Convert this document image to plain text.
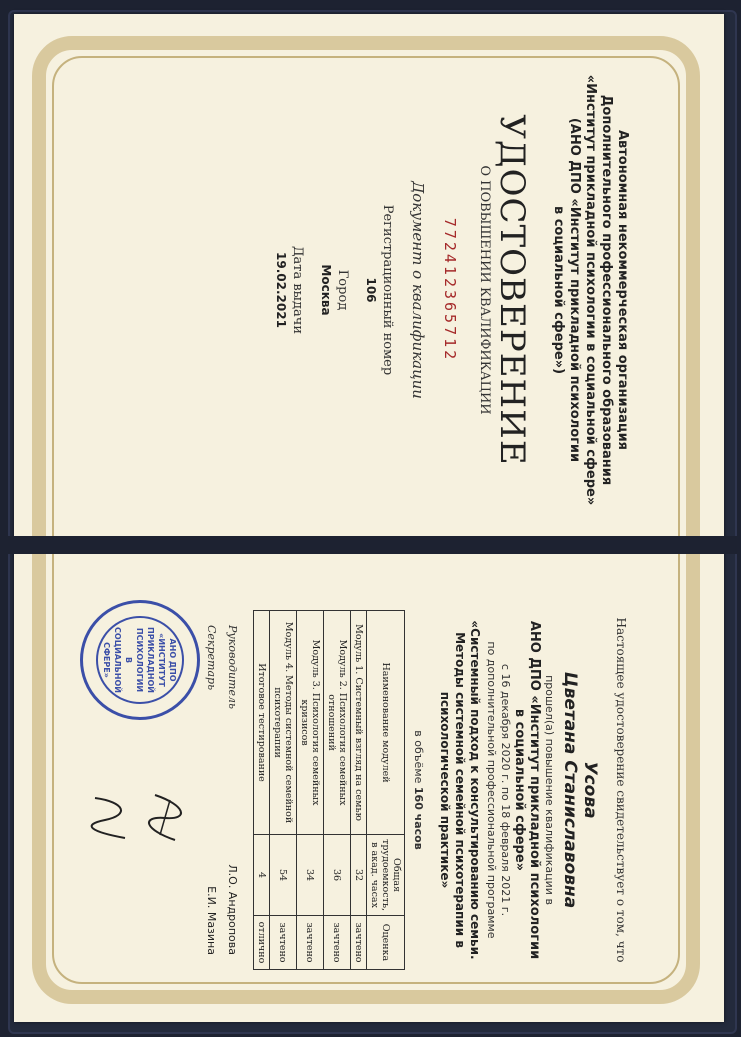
Автономная некоммерческая организация
Дополнительного профессионального образования
«Институт прикладной психологии в социальной сфере»
(АНО ДПО «Институт прикладной психологии
в социальной сфере»)
УДОСТОВЕРЕНИЕ
О ПОВЫШЕНИИ КВАЛИФИКАЦИИ
772412365712
Документ о квалификации
Регистрационный номер
106
Город
Москва
Дата выдачи
19.02.2021
Настоящее удостоверение свидетельствует о том, что
Усова
Цветана Станиславовна
прошел(а) повышение квалификации в
АНО ДПО «Институт прикладной психологии
в социальной сфере»
с 16 декабря 2020 г. по 18 февраля 2021 г.
по дополнительной профессиональной программе
«Системный подход к консультированию семьи. Методы системной семейной психотерапии в психологической практике»
в объёме 160 часов
Наименование модулей	Общая трудоемкость, в акад. часах	Оценка
Модуль 1. Системный взгляд на семью	32	зачтено
Модуль 2. Психология семейных отношений	36	зачтено
Модуль 3. Психология семейных кризисов	34	зачтено
Модуль 4. Методы системной семейной психотерапии	54	зачтено
Итоговое тестирование	4	отлично
Руководитель
Л.О. Андропова
Секретарь
Е.И. Мазина
АНО ДПО «ИНСТИТУТ ПРИКЛАДНОЙ ПСИХОЛОГИИ В СОЦИАЛЬНОЙ СФЕРЕ»
